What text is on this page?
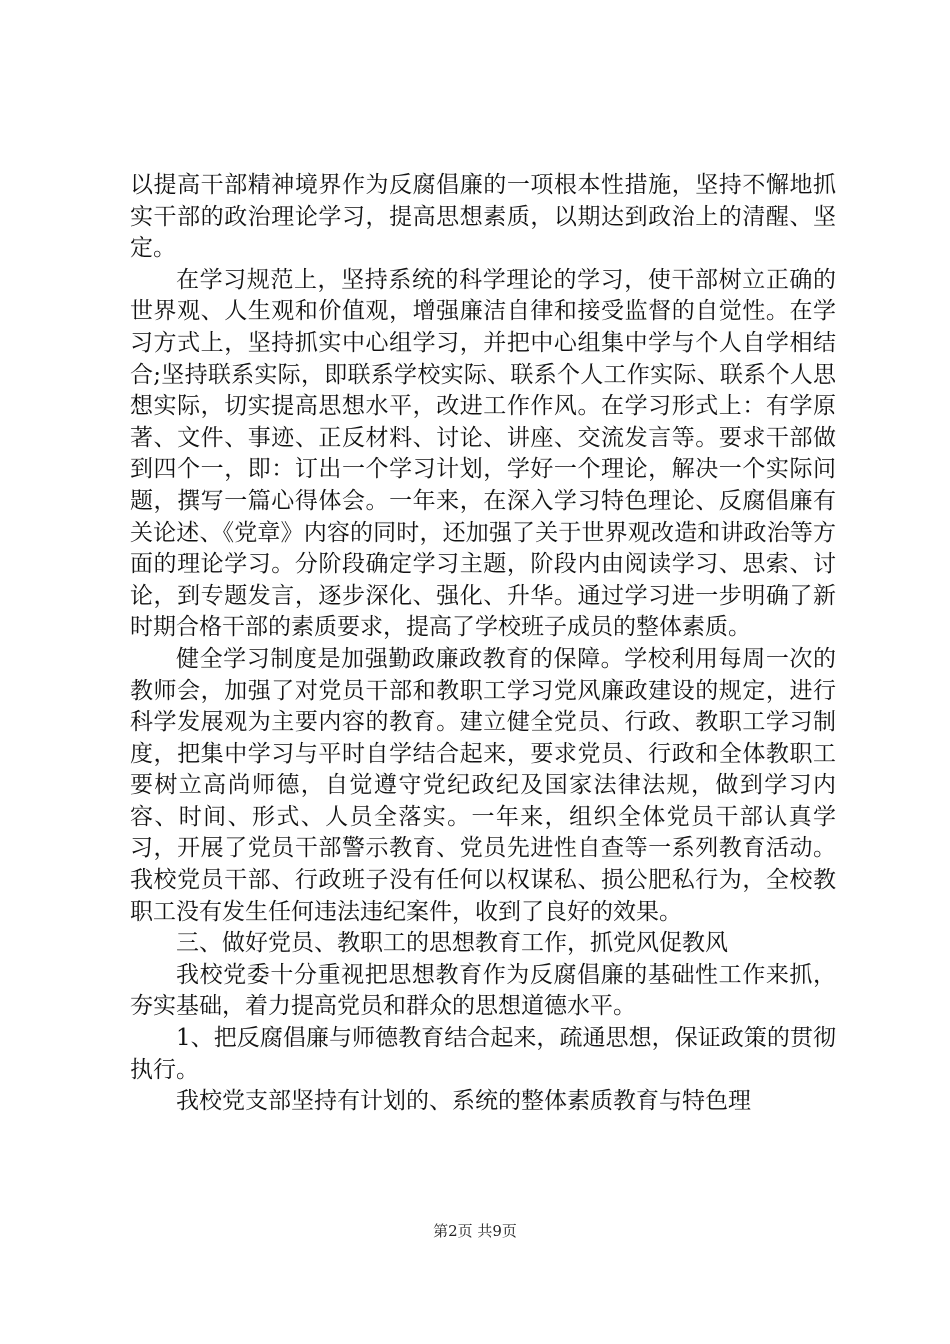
以提高干部精神境界作为反腐倡廉的一项根本性措施，坚持不懈地抓实干部的政治理论学习，提高思想素质，以期达到政治上的清醒、坚定。

在学习规范上，坚持系统的科学理论的学习，使干部树立正确的世界观、人生观和价值观，增强廉洁自律和接受监督的自觉性。在学习方式上，坚持抓实中心组学习，并把中心组集中学与个人自学相结合;坚持联系实际，即联系学校实际、联系个人工作实际、联系个人思想实际，切实提高思想水平，改进工作作风。在学习形式上：有学原著、文件、事迹、正反材料、讨论、讲座、交流发言等。要求干部做到四个一，即：订出一个学习计划，学好一个理论，解决一个实际问题，撰写一篇心得体会。一年来，在深入学习特色理论、反腐倡廉有关论述、《党章》内容的同时，还加强了关于世界观改造和讲政治等方面的理论学习。分阶段确定学习主题，阶段内由阅读学习、思索、讨论，到专题发言，逐步深化、强化、升华。通过学习进一步明确了新时期合格干部的素质要求，提高了学校班子成员的整体素质。

健全学习制度是加强勤政廉政教育的保障。学校利用每周一次的教师会，加强了对党员干部和教职工学习党风廉政建设的规定，进行科学发展观为主要内容的教育。建立健全党员、行政、教职工学习制度，把集中学习与平时自学结合起来，要求党员、行政和全体教职工要树立高尚师德，自觉遵守党纪政纪及国家法律法规，做到学习内容、时间、形式、人员全落实。一年来，组织全体党员干部认真学习，开展了党员干部警示教育、党员先进性自查等一系列教育活动。我校党员干部、行政班子没有任何以权谋私、损公肥私行为，全校教职工没有发生任何违法违纪案件，收到了良好的效果。

三、做好党员、教职工的思想教育工作，抓党风促教风

我校党委十分重视把思想教育作为反腐倡廉的基础性工作来抓，夯实基础，着力提高党员和群众的思想道德水平。

1、把反腐倡廉与师德教育结合起来，疏通思想，保证政策的贯彻执行。

我校党支部坚持有计划的、系统的整体素质教育与特色理

第2页 共9页
